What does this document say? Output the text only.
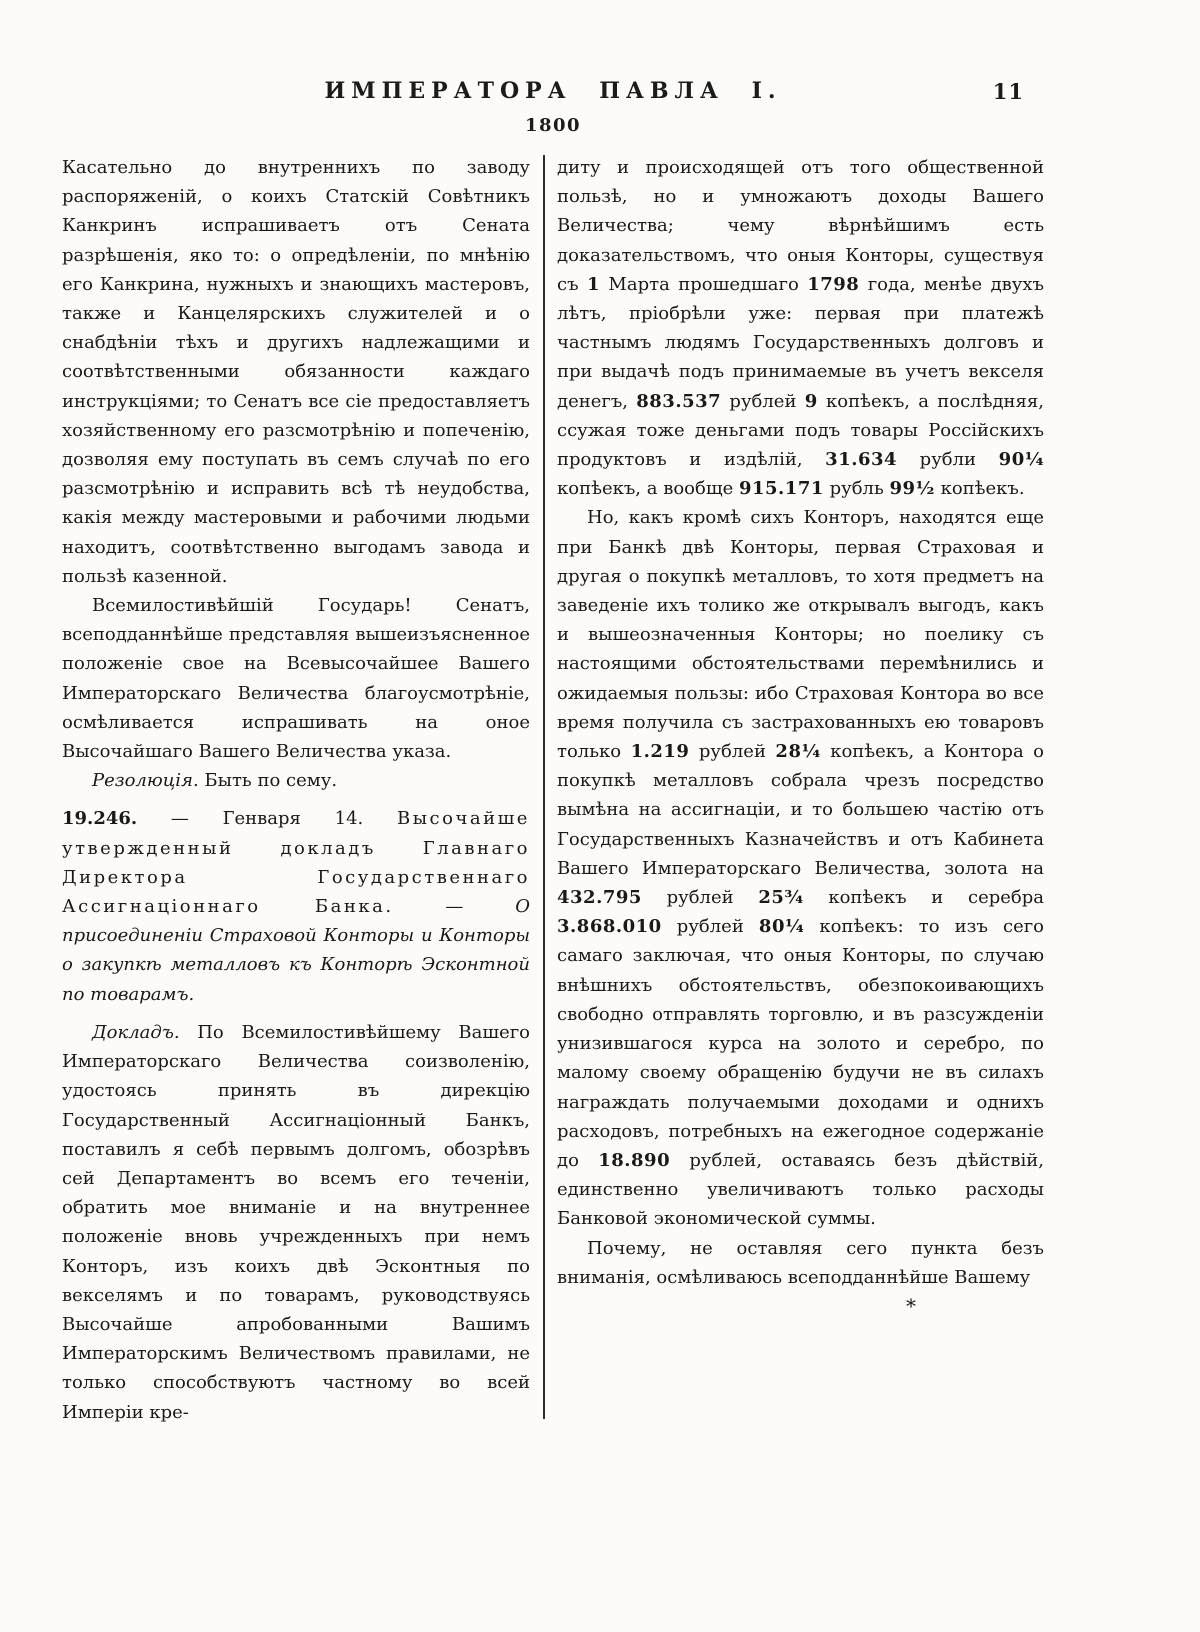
ИМПЕРАТОРА ПАВЛА I.	11
1800

Касательно до внутреннихъ по заводу распоряженій, о коихъ Статскій Совѣтникъ Канкринъ испрашиваетъ отъ Сената разрѣшенія, яко то: о опредѣленіи, по мнѣнію его Канкрина, нужныхъ и знающихъ мастеровъ, также и Канцелярскихъ служителей и о снабдѣніи тѣхъ и другихъ надлежащими и соотвѣтственными обязанности каждаго инструкціями; то Сенатъ все сіе предоставляетъ хозяйственному его разсмотрѣнію и попеченію, дозволяя ему поступать въ семъ случаѣ по его разсмотрѣнію и исправить всѣ тѣ неудобства, какія между мастеровыми и рабочими людьми находитъ, соотвѣтственно выгодамъ завода и пользѣ казенной.

Всемилостивѣйшій Государь! Сенатъ, всеподданнѣйше представляя вышеизъясненное положеніе свое на Всевысочайшее Вашего Императорскаго Величества благоусмотрѣніе, осмѣливается испрашивать на оное Высочайшаго Вашего Величества указа.

Резолюція. Быть по сему.

19.246. — Генваря 14. Высочайше утвержденный докладъ Главнаго Директора Государственнаго Ассигнаціоннаго Банка.	—	О присоединеніи Страховой Конторы и Конторы о закупкѣ металловъ къ Конторѣ Эсконтной по товарамъ.

Докладъ. По Всемилостивѣйшему Вашего Императорскаго Величества соизволенію, удостоясь принять въ дирекцію Государственный Ассигнаціонный Банкъ, поставилъ я себѣ первымъ долгомъ, обозрѣвъ сей Департаментъ во всемъ его теченіи, обратить мое вниманіе и на внутреннее положеніе вновь учрежденныхъ при немъ Конторъ, изъ коихъ двѣ Эсконтныя по векселямъ и по товарамъ, руководствуясь Высочайше апробованными Вашимъ Императорскимъ Величествомъ правилами, не только способствуютъ частному во всей Имперіи кре-

диту и происходящей отъ того общественной пользѣ, но и умножаютъ доходы Вашего Величества; чему вѣрнѣйшимъ есть доказательствомъ, что оныя Конторы, существуя съ 1 Марта прошедшаго 1798 года, менѣе двухъ лѣтъ, пріобрѣли уже: первая при платежѣ частнымъ людямъ Государственныхъ долговъ и при выдачѣ подъ принимаемые въ учетъ векселя денегъ, 883.537 рублей 9 копѣекъ, а послѣдняя, ссужая тоже деньгами подъ товары Россійскихъ продуктовъ и издѣлій, 31.634 рубли 90¼ копѣекъ, а вообще 915.171 рубль 99½ копѣекъ.

Но, какъ кромѣ сихъ Конторъ, находятся еще при Банкѣ двѣ Конторы, первая Страховая и другая о покупкѣ металловъ, то хотя предметъ на заведеніе ихъ толико же открывалъ выгодъ, какъ и вышеозначенныя Конторы; но поелику съ настоящими обстоятельствами перемѣнились и ожидаемыя пользы: ибо Страховая Контора во все время получила съ застрахованныхъ ею товаровъ только 1.219 рублей 28¼ копѣекъ, а Контора о покупкѣ металловъ собрала чрезъ посредство вымѣна на ассигнаціи, и то большею частію отъ Государственныхъ Казначействъ и отъ Кабинета Вашего Императорскаго Величества, золота на 432.795 рублей 25¾ копѣекъ и серебра 3.868.010 рублей 80¼ копѣекъ: то изъ сего самаго заключая, что оныя Конторы, по случаю внѣшнихъ обстоятельствъ, обезпокоивающихъ свободно отправлять торговлю, и въ разсужденіи унизившагося курса на золото и серебро, по малому своему обращенію будучи не въ силахъ награждать получаемыми доходами и однихъ расходовъ, потребныхъ на ежегодное содержаніе до 18.890 рублей, оставаясь безъ дѣйствій, единственно увеличиваютъ только расходы Банковой экономической суммы.

Почему, не оставляя сего пункта безъ вниманія, осмѣливаюсь всеподданнѣйше Вашему

*
